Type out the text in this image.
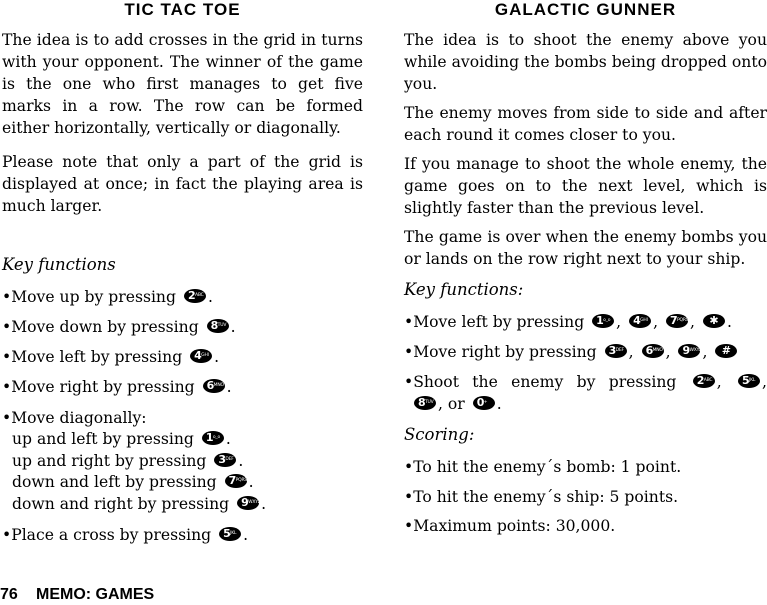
TIC TAC TOE

The idea is to add crosses in the grid in turns with your opponent. The winner of the game is the one who first manages to get five marks in a row. The row can be formed either horizontally, vertically or diagonally.

Please note that only a part of the grid is displayed at once; in fact the playing area is much larger.

Key functions

•Move up by pressing 2 ABC .

•Move down by pressing 8 TUV .

•Move left by pressing 4 GHI .

•Move right by pressing 6 MNO .

•Move diagonally:

up and left by pressing 1 o_o .

up and right by pressing 3 DEF .

down and left by pressing 7 PQRS .

down and right by pressing 9 WXYZ .

•Place a cross by pressing 5 JKL .

GALACTIC GUNNER

The idea is to shoot the enemy above you while avoiding the bombs being dropped onto you.

The enemy moves from side to side and after each round it comes closer to you.

If you manage to shoot the whole enemy, the game goes on to the next level, which is slightly faster than the previous level.

The game is over when the enemy bombs you or lands on the row right next to your ship.

Key functions:

•Move left by pressing 1 o_o , 4 GHI , 7 PQRS , ✱ .

•Move right by pressing 3 DEF , 6 MNO , 9 WXYZ , #

•Shoot the enemy by pressing 2 ABC , 5 JKL ,

8 TUV , or 0 + .

Scoring:

•To hit the enemy´s bomb: 1 point.

•To hit the enemy´s ship: 5 points.

•Maximum points: 30,000.

76 MEMO: GAMES
